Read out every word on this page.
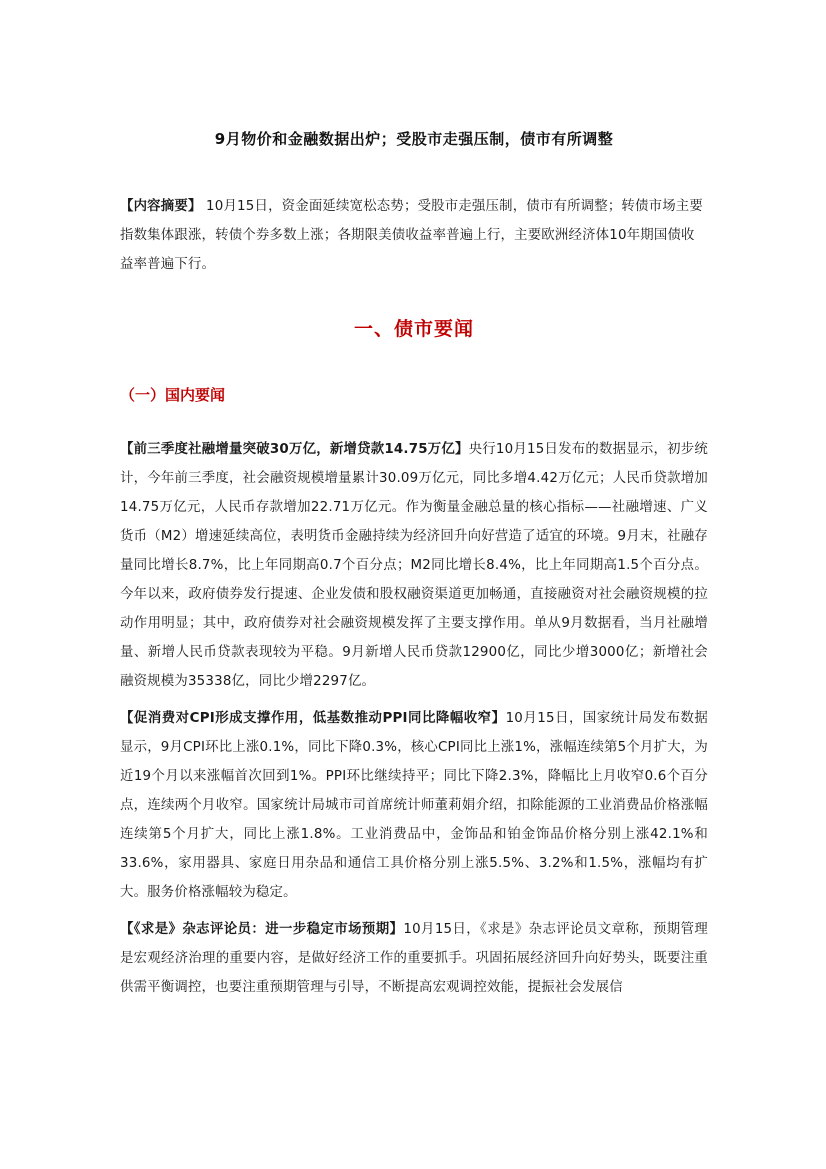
9月物价和金融数据出炉；受股市走强压制，债市有所调整

【内容摘要】 10月15日，资金面延续宽松态势；受股市走强压制，债市有所调整；转债市场主要指数集体跟涨，转债个券多数上涨；各期限美债收益率普遍上行，主要欧洲经济体10年期国债收益率普遍下行。

一、债市要闻
（一）国内要闻

【前三季度社融增量突破30万亿，新增贷款14.75万亿】央行10月15日发布的数据显示，初步统计，今年前三季度，社会融资规模增量累计30.09万亿元，同比多增4.42万亿元；人民币贷款增加14.75万亿元，人民币存款增加22.71万亿元。作为衡量金融总量的核心指标——社融增速、广义货币（M2）增速延续高位，表明货币金融持续为经济回升向好营造了适宜的环境。9月末，社融存量同比增长8.7%，比上年同期高0.7个百分点；M2同比增长8.4%，比上年同期高1.5个百分点。今年以来，政府债券发行提速、企业发债和股权融资渠道更加畅通，直接融资对社会融资规模的拉动作用明显；其中，政府债券对社会融资规模发挥了主要支撑作用。单从9月数据看，当月社融增量、新增人民币贷款表现较为平稳。9月新增人民币贷款12900亿，同比少增3000亿；新增社会融资规模为35338亿，同比少增2297亿。

【促消费对CPI形成支撑作用，低基数推动PPI同比降幅收窄】10月15日，国家统计局发布数据显示，9月CPI环比上涨0.1%，同比下降0.3%，核心CPI同比上涨1%，涨幅连续第5个月扩大，为近19个月以来涨幅首次回到1%。PPI环比继续持平；同比下降2.3%，降幅比上月收窄0.6个百分点，连续两个月收窄。国家统计局城市司首席统计师董莉娟介绍，扣除能源的工业消费品价格涨幅连续第5个月扩大，同比上涨1.8%。工业消费品中，金饰品和铂金饰品价格分别上涨42.1%和33.6%，家用器具、家庭日用杂品和通信工具价格分别上涨5.5%、3.2%和1.5%，涨幅均有扩大。服务价格涨幅较为稳定。

【《求是》杂志评论员：进一步稳定市场预期】10月15日，《求是》杂志评论员文章称，预期管理是宏观经济治理的重要内容，是做好经济工作的重要抓手。巩固拓展经济回升向好势头，既要注重供需平衡调控，也要注重预期管理与引导，不断提高宏观调控效能，提振社会发展信
